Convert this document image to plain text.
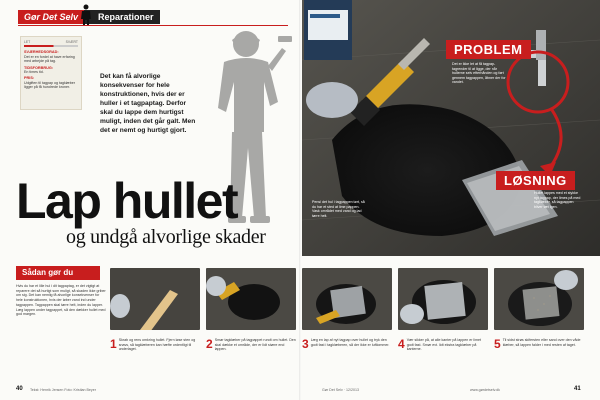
Gør Det Selv	Reparationer
LET	SVÆRT
SVÆRHEDSGRAD:
Det er en fordel at have erfaring med arbejde på tag.
TIDSFORBRUG:
En times tid.
PRIS:
Udgiften til tagpap og tagklæber ligger på få hundrede kroner.
Det kan få alvorlige konsekvenser for hele konstruktionen, hvis der er huller i et tagpaptag. Derfor skal du lappe dem hurtigst muligt, inden det går galt. Men det er nemt og hurtigt gjort.
Lap hullet
og undgå alvorlige skader
PROBLEM
Det er ikke let at få tagpap-tagrender til at ligge, der når hullerne selv efterhånden og ført gennem tagpappen, åbner der for vandet.
LØSNING
Hullet lappes med et stykke nyt tagpap, der limes på med tagklæber, så tagpappen bliver tæt igen.
Pensl det hul i tagpappen tørt, så du har et sted at lime pappen. Vask området med vand og lad tørre helt.
Sådan gør du
Hvis du har et lille hul i dit tagpaptag, er det vigtigt at reparere det så hurtigt som muligt, så skaden ikke griber om sig. Det kan nemlig få alvorlige konsekvenser for hele konstruktionen, hvis der løber vand ind under tagpappen. Tagpappen skal tørre helt, inden du lapper. Læg lappen under tagpappet, så den dækker hullet med god margen.
1 Skrab og rens omkring hullet. Fjern løse sten og snavs, så tagklæberen kan hæfte ordentligt til underlaget.	2 Smør tagklæber på tagpappet rundt om hullet. Den skal dække et område, der er lidt større end lappen.	3 Læg en lap af nyt tagpap over hullet og tryk den godt fast i tagklæberen, så der ikke er luftlommer. 4 Vær sikker på, at alle kanter på lappen er limet godt fast. Smør evt. lidt ekstra tagklæber på kanterne.	5 Til sidst strøs skifersten eller sand over den våde klæber, så lappen falder i med resten af taget.
40 Tekst: Henrik Jensen Foto: Kristian Beyer	Gør Det Selv · 12/2013	www.gørdetselv.dk	41
